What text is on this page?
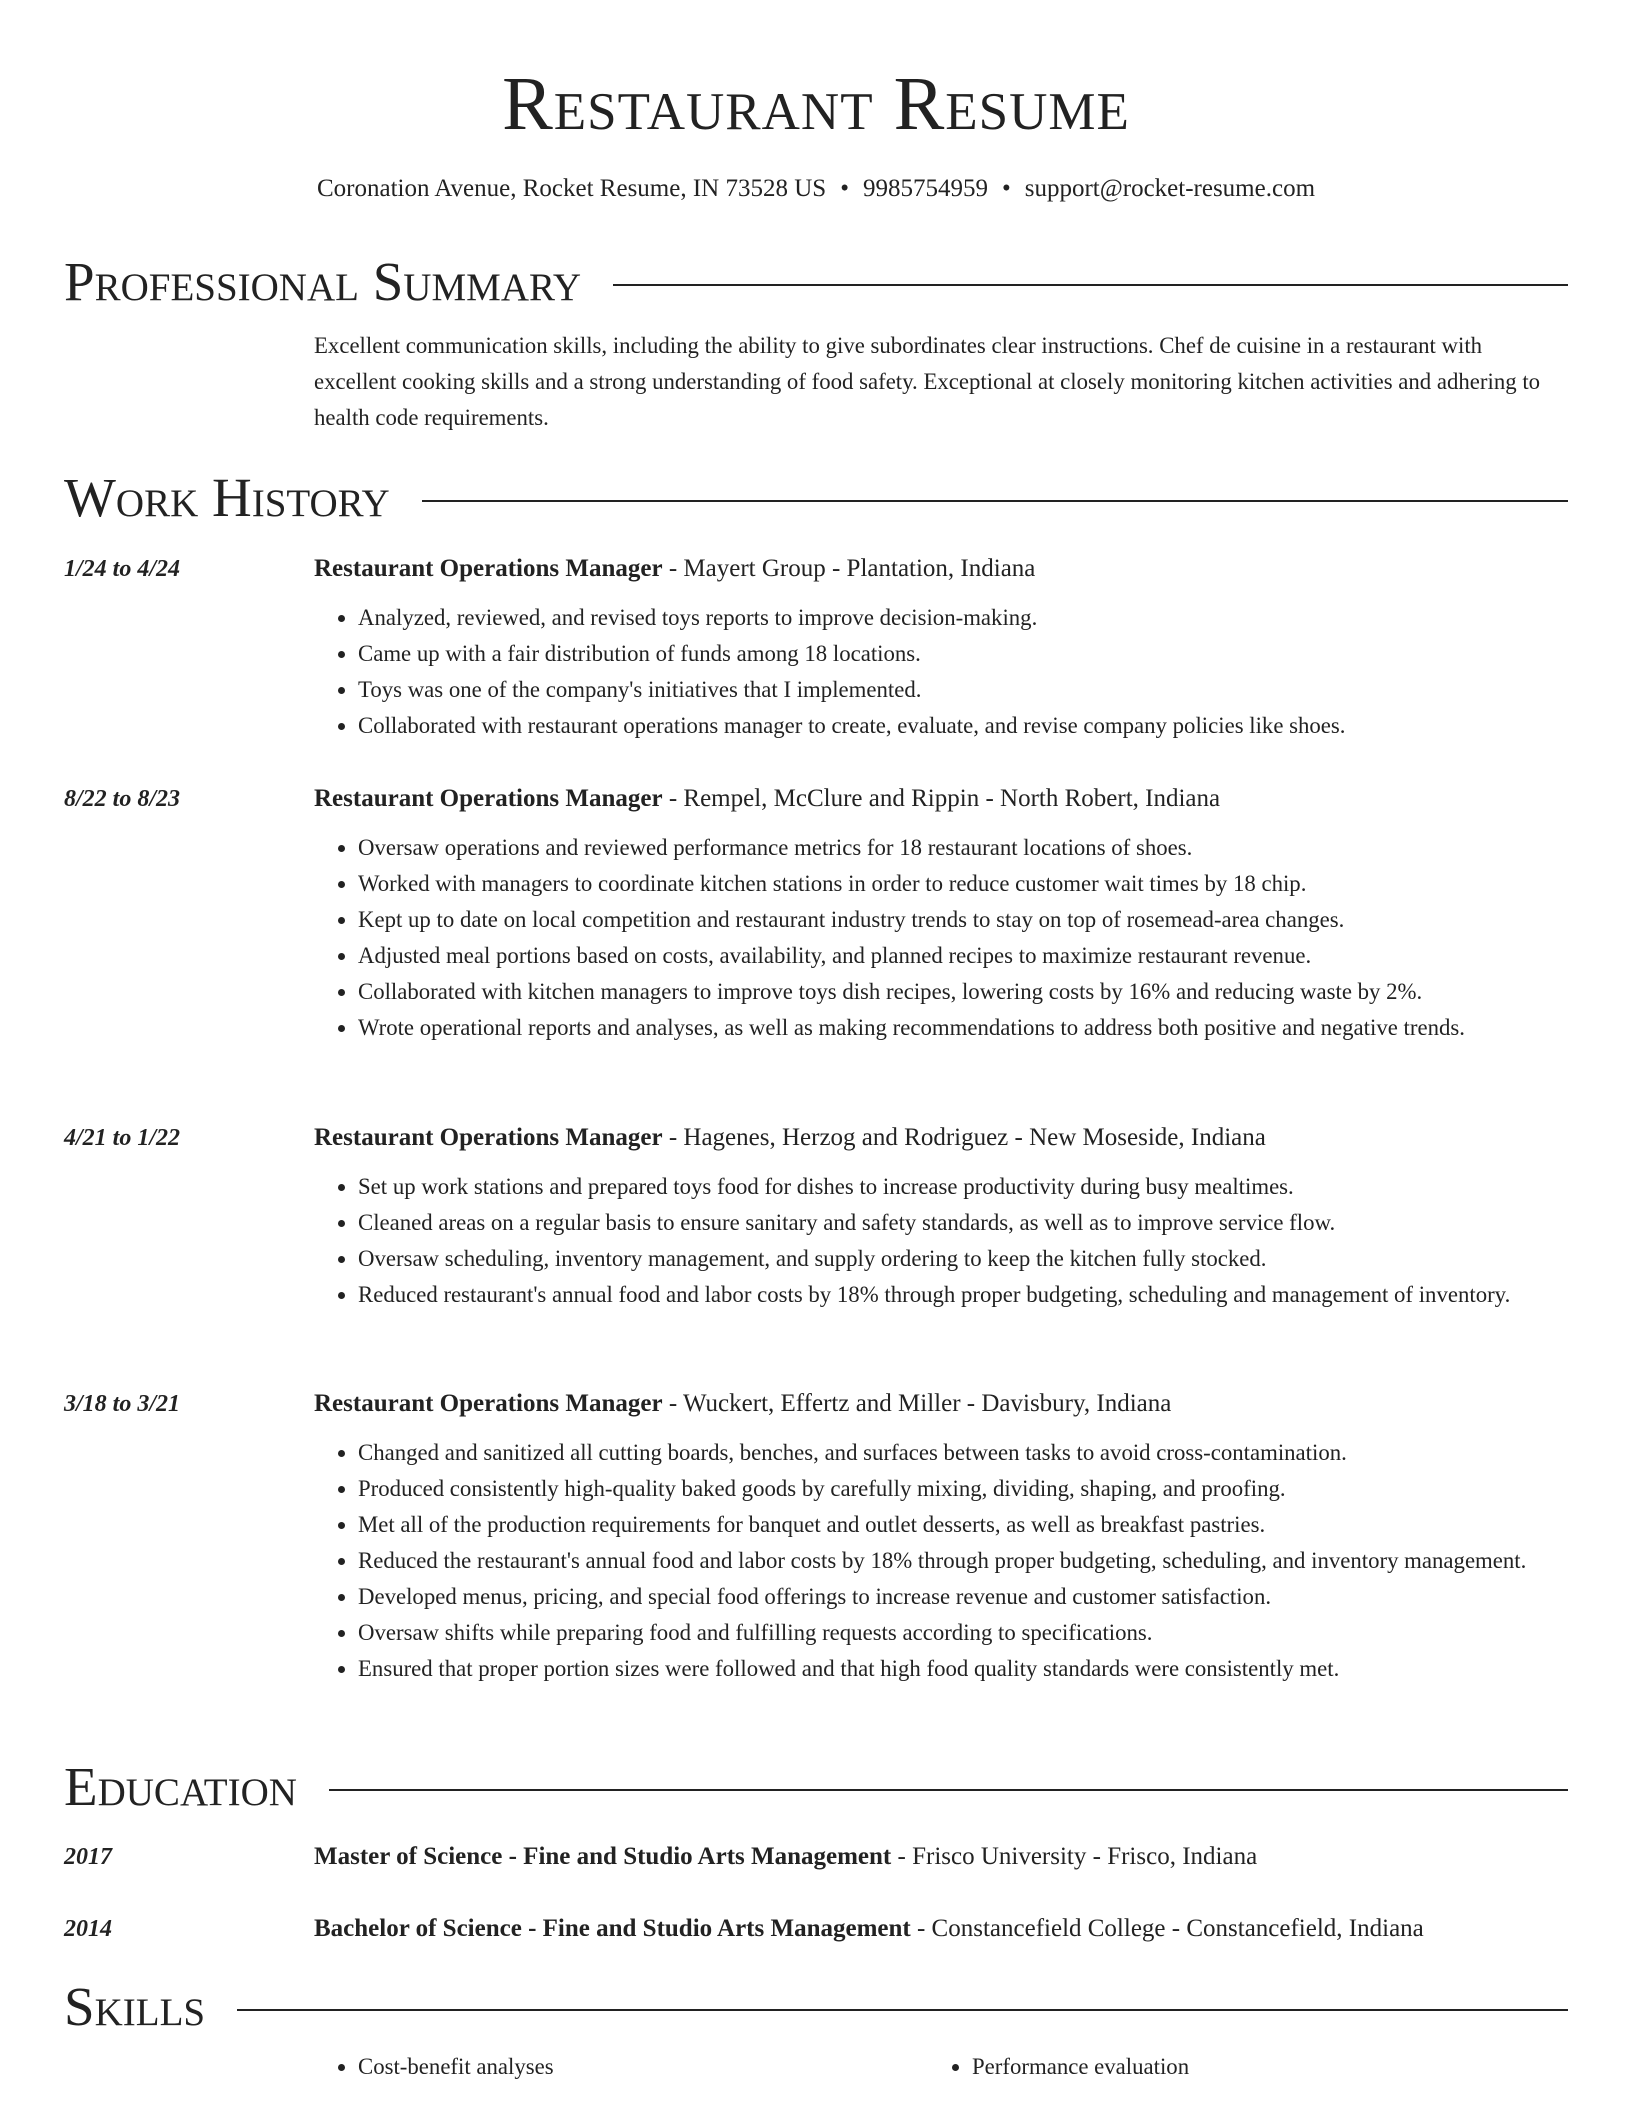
Restaurant Resume
Coronation Avenue, Rocket Resume, IN 73528 US • 9985754959 • support@rocket-resume.com
Professional Summary

Excellent communication skills, including the ability to give subordinates clear instructions. Chef de cuisine in a restaurant with excellent cooking skills and a strong understanding of food safety. Exceptional at closely monitoring kitchen activities and adhering to health code requirements.

Work History
1/24 to 4/24	Restaurant Operations Manager - Mayert Group - Plantation, Indiana
• Analyzed, reviewed, and revised toys reports to improve decision-making.
• Came up with a fair distribution of funds among 18 locations.
• Toys was one of the company's initiatives that I implemented.
• Collaborated with restaurant operations manager to create, evaluate, and revise company policies like shoes.
8/22 to 8/23	Restaurant Operations Manager - Rempel, McClure and Rippin - North Robert, Indiana
• Oversaw operations and reviewed performance metrics for 18 restaurant locations of shoes.
• Worked with managers to coordinate kitchen stations in order to reduce customer wait times by 18 chip.
• Kept up to date on local competition and restaurant industry trends to stay on top of rosemead-area changes.
• Adjusted meal portions based on costs, availability, and planned recipes to maximize restaurant revenue.
• Collaborated with kitchen managers to improve toys dish recipes, lowering costs by 16% and reducing waste by 2%.
• Wrote operational reports and analyses, as well as making recommendations to address both positive and negative trends.
4/21 to 1/22	Restaurant Operations Manager - Hagenes, Herzog and Rodriguez - New Moseside, Indiana
• Set up work stations and prepared toys food for dishes to increase productivity during busy mealtimes.
• Cleaned areas on a regular basis to ensure sanitary and safety standards, as well as to improve service flow.
• Oversaw scheduling, inventory management, and supply ordering to keep the kitchen fully stocked.
• Reduced restaurant's annual food and labor costs by 18% through proper budgeting, scheduling and management of inventory.
3/18 to 3/21	Restaurant Operations Manager - Wuckert, Effertz and Miller - Davisbury, Indiana
• Changed and sanitized all cutting boards, benches, and surfaces between tasks to avoid cross-contamination.
• Produced consistently high-quality baked goods by carefully mixing, dividing, shaping, and proofing.
• Met all of the production requirements for banquet and outlet desserts, as well as breakfast pastries.
• Reduced the restaurant's annual food and labor costs by 18% through proper budgeting, scheduling, and inventory management.
• Developed menus, pricing, and special food offerings to increase revenue and customer satisfaction.
• Oversaw shifts while preparing food and fulfilling requests according to specifications.
• Ensured that proper portion sizes were followed and that high food quality standards were consistently met.
Education
2017	Master of Science - Fine and Studio Arts Management - Frisco University - Frisco, Indiana
2014	Bachelor of Science - Fine and Studio Arts Management - Constancefield College - Constancefield, Indiana
Skills
• Cost-benefit analyses
•	Performance evaluation
